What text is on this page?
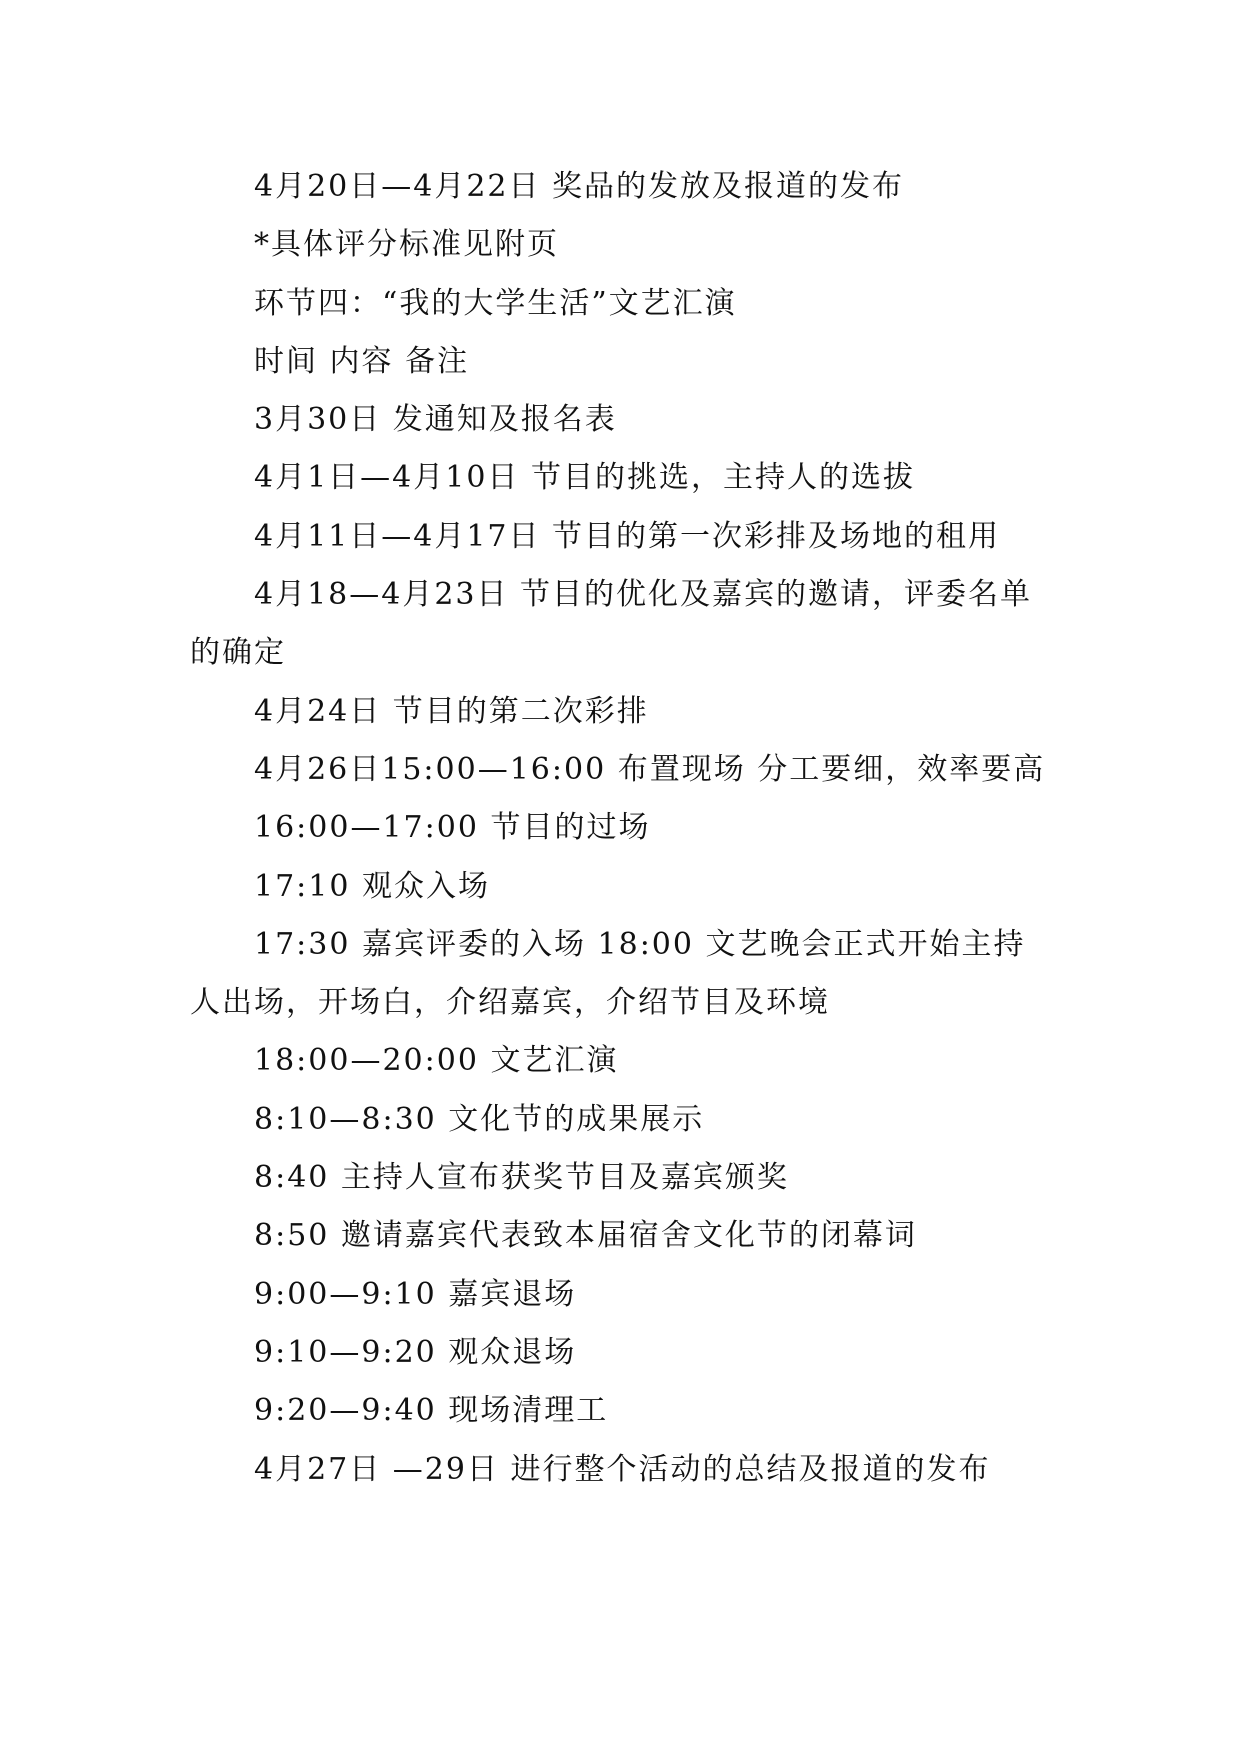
4月20日—4月22日 奖品的发放及报道的发布

*具体评分标准见附页

环节四：“我的大学生活”文艺汇演

时间 内容 备注

3月30日 发通知及报名表

4月1日—4月10日 节目的挑选，主持人的选拔

4月11日—4月17日 节目的第一次彩排及场地的租用

4月18—4月23日 节目的优化及嘉宾的邀请，评委名单的确定

4月24日 节目的第二次彩排

4月26日15:00—16:00 布置现场 分工要细，效率要高

16:00—17:00 节目的过场

17:10 观众入场

17:30 嘉宾评委的入场 18:00 文艺晚会正式开始主持人出场，开场白，介绍嘉宾，介绍节目及环境

18:00—20:00 文艺汇演

8:10—8:30 文化节的成果展示

8:40 主持人宣布获奖节目及嘉宾颁奖

8:50 邀请嘉宾代表致本届宿舍文化节的闭幕词

9:00—9:10 嘉宾退场

9:10—9:20 观众退场

9:20—9:40 现场清理工

4月27日 —29日 进行整个活动的总结及报道的发布
